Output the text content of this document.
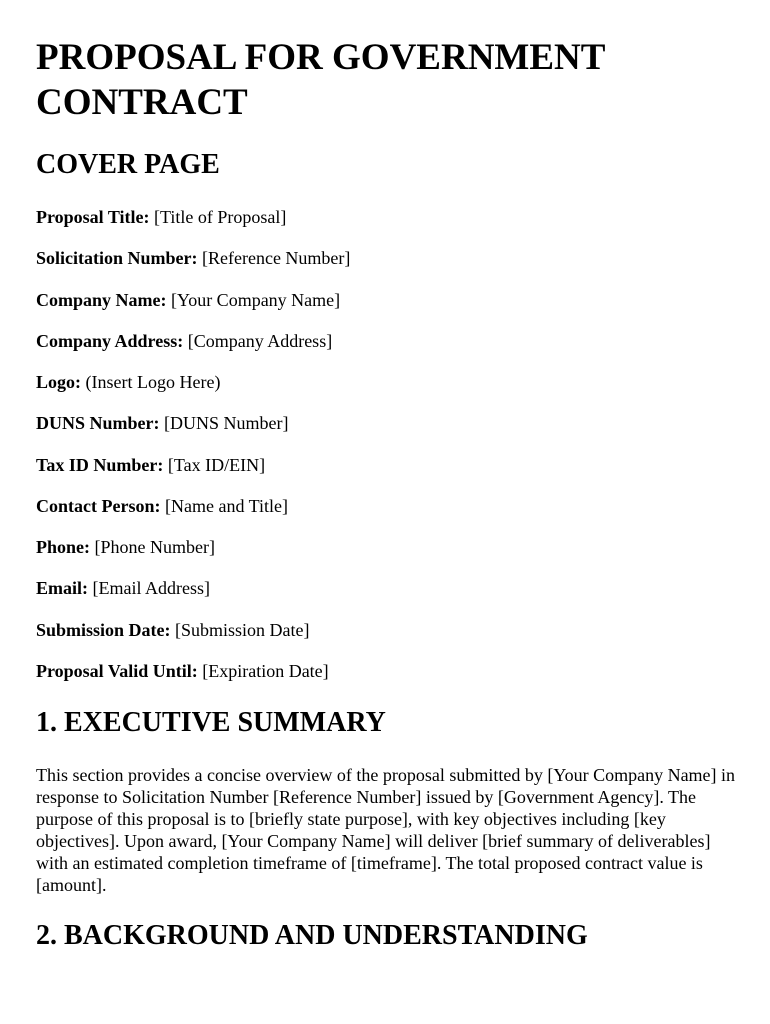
PROPOSAL FOR GOVERNMENT CONTRACT
COVER PAGE
Proposal Title: [Title of Proposal]
Solicitation Number: [Reference Number]
Company Name: [Your Company Name]
Company Address: [Company Address]
Logo: (Insert Logo Here)
DUNS Number: [DUNS Number]
Tax ID Number: [Tax ID/EIN]
Contact Person: [Name and Title]
Phone: [Phone Number]
Email: [Email Address]
Submission Date: [Submission Date]
Proposal Valid Until: [Expiration Date]
1. EXECUTIVE SUMMARY

This section provides a concise overview of the proposal submitted by [Your Company Name] in response to Solicitation Number [Reference Number] issued by [Government Agency]. The purpose of this proposal is to [briefly state purpose], with key objectives including [key objectives]. Upon award, [Your Company Name] will deliver [brief summary of deliverables] with an estimated completion timeframe of [timeframe]. The total proposed contract value is [amount].

2. BACKGROUND AND UNDERSTANDING
